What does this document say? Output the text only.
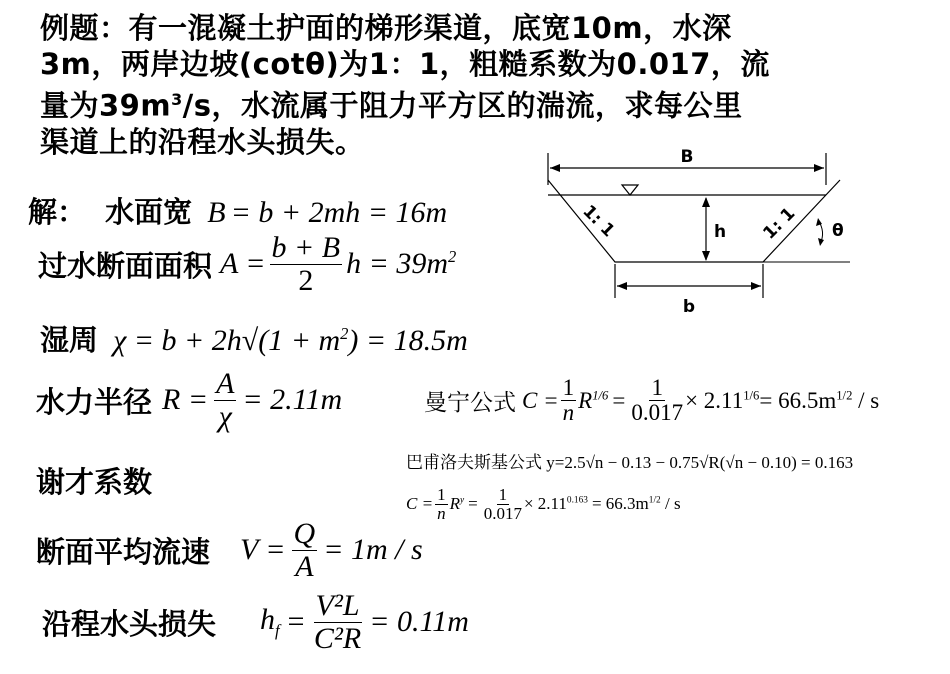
例题：有一混凝土护面的梯形渠道，底宽10m，水深
3m，两岸边坡(cotθ)为1：1，粗糙系数为0.017，流
量为$39m^3/s$，水流属于阻力平方区的湍流，求每公里
渠道上的沿程水头损失。	B
h
1: 1	1: 1 θ
b
解： 水面宽 B = b + 2mh = 16m
过水断面面积 $A = \frac{b + B}{2}$ $h = 39m^2$
湿周 $\chi = b + 2h√(1 + m^2) = 18.5m$
水力半径 $R = \frac{A}{\chi} = 2.11m$	曼宁公式 $C = \frac{1}{n} R^{1/6} = \frac{1}{0.017} \times 2.11^{1/6} = 66.5m^{1/2} / s$
巴甫洛夫斯基公式 y=2.5√n − 0.13 − 0.75√R(√n − 0.10) = 0.163
$C = \frac{1}{n} R^y = \frac{1}{0.017} \times 2.11^{0.163} = 66.3m^{1/2} / s$
谢才系数
断面平均流速 $V = \frac{Q}{A} = 1m / s$
沿程水头损失 $h_f = \frac{\text{V²L}}{\text{C²R}} = 0.11m$
